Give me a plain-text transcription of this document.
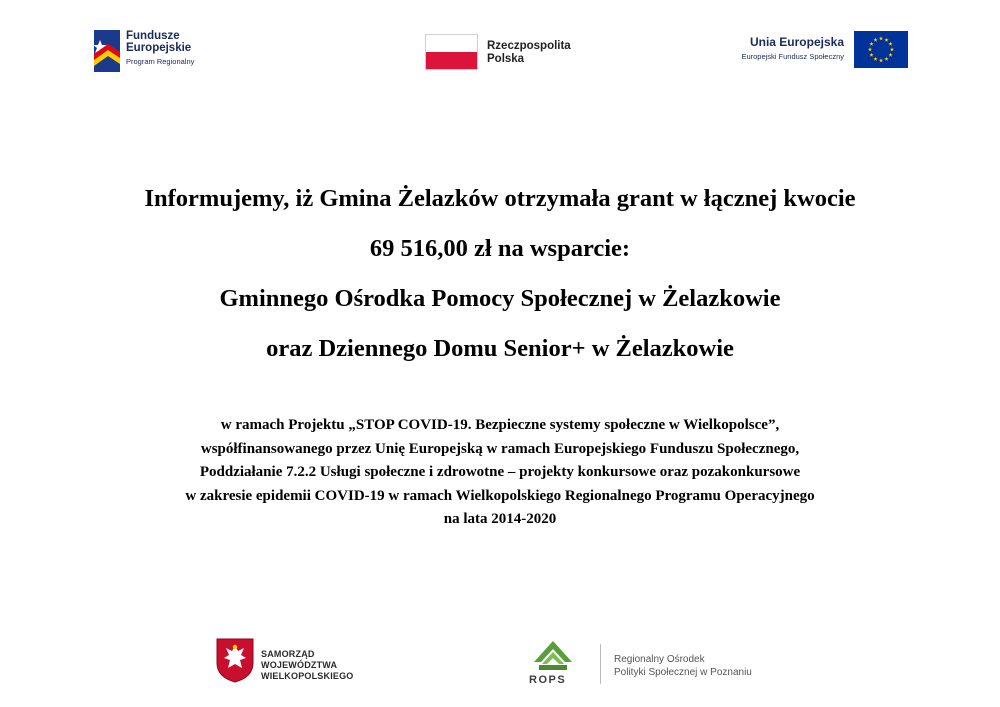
Fundusze
Europejskie
Program Regionalny
Rzeczpospolita
Polska
Unia Europejska
Europejski Fundusz Społeczny
Informujemy, iż Gmina Żelazków otrzymała grant w łącznej kwocie
69 516,00 zł na wsparcie:
Gminnego Ośrodka Pomocy Społecznej w Żelazkowie
oraz Dziennego Domu Senior+ w Żelazkowie
w ramach Projektu „STOP COVID-19. Bezpieczne systemy społeczne w Wielkopolsce”,
współfinansowanego przez Unię Europejską w ramach Europejskiego Funduszu Społecznego,
Poddziałanie 7.2.2 Usługi społeczne i zdrowotne – projekty konkursowe oraz pozakonkursowe
w zakresie epidemii COVID-19 w ramach Wielkopolskiego Regionalnego Programu Operacyjnego
na lata 2014-2020
SAMORZĄD WOJEWÓDZTWA
WIELKOPOLSKIEGO	ROPS
Regionalny Ośrodek
Polityki Społecznej w Poznaniu
